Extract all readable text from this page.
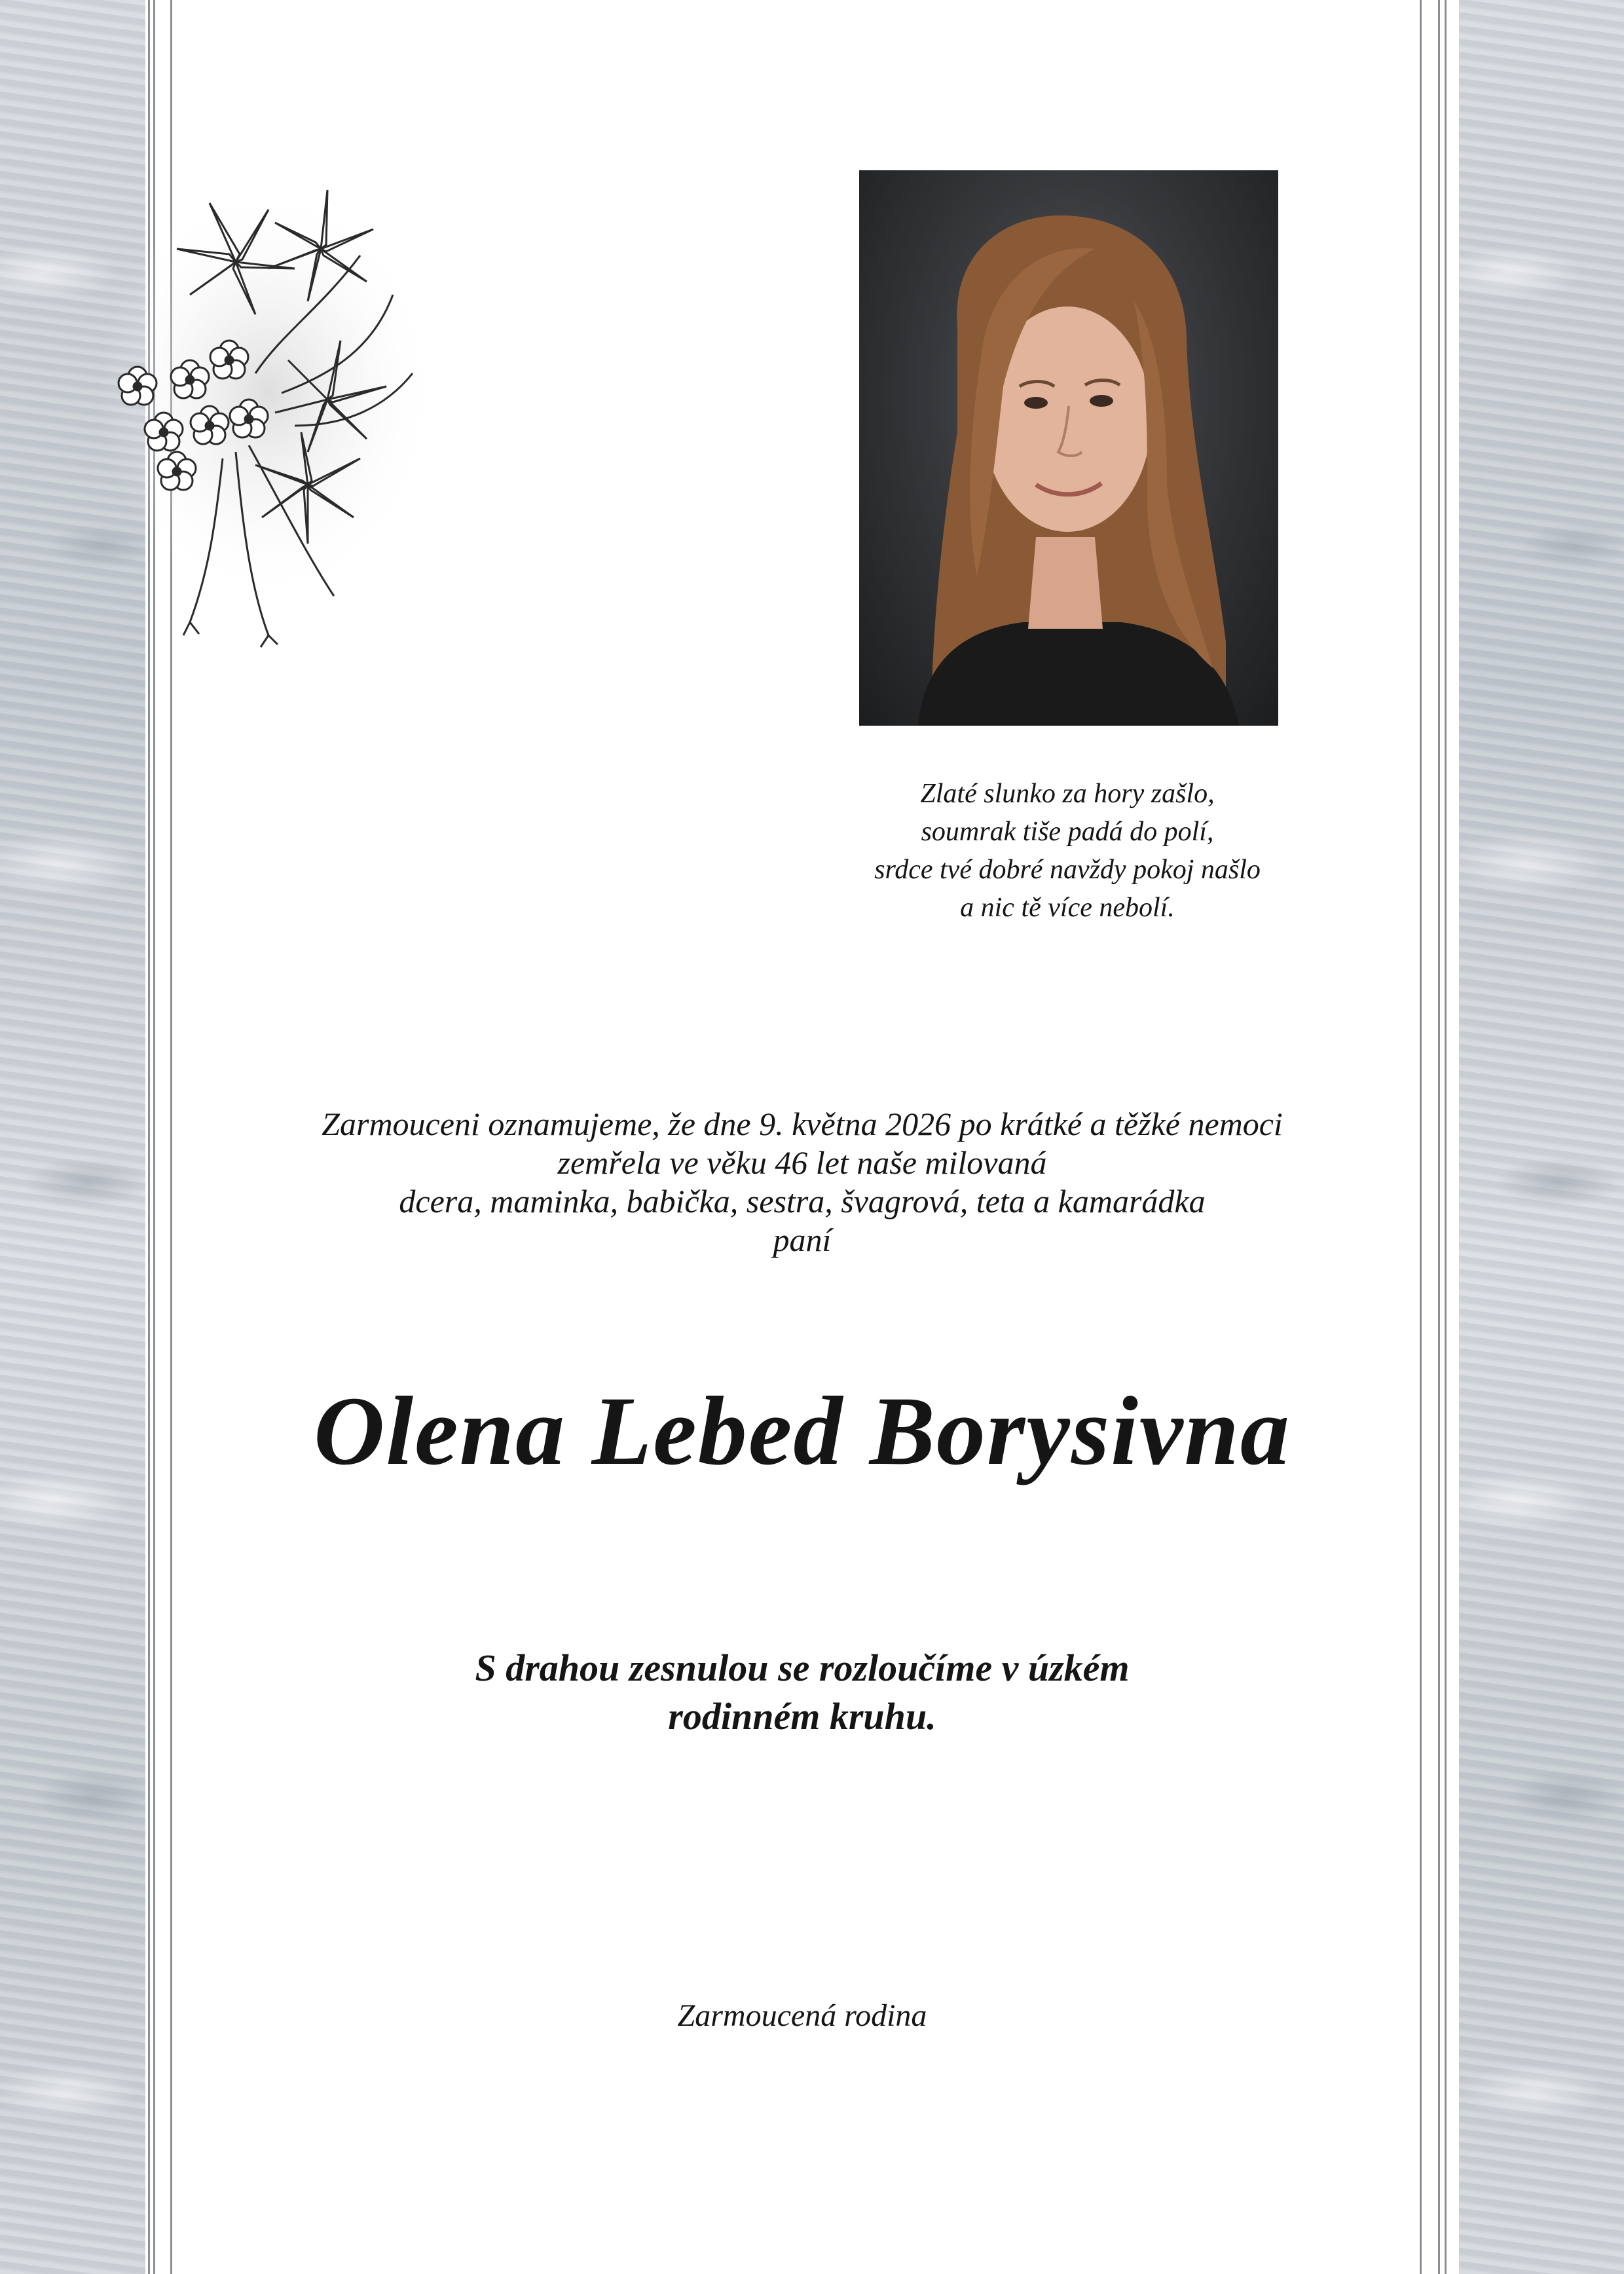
Zlaté slunko za hory zašlo,
soumrak tiše padá do polí,
srdce tvé dobré navždy pokoj našlo
a nic tě více nebolí.
Zarmouceni oznamujeme, že dne 9. května 2026 po krátké a těžké nemoci
zemřela ve věku 46 let naše milovaná
dcera, maminka, babička, sestra, švagrová, teta a kamarádka
paní
Olena Lebed Borysivna
S drahou zesnulou se rozloučíme v úzkém
rodinném kruhu.
Zarmoucená rodina
